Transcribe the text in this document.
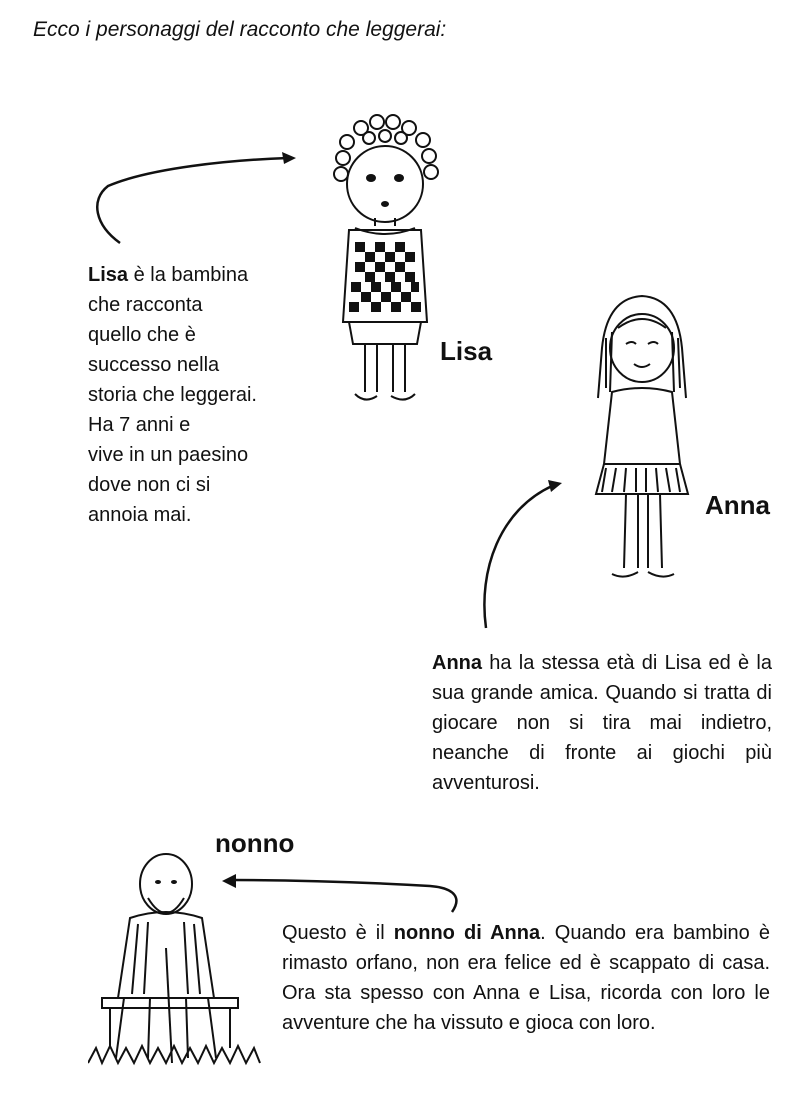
Ecco i personaggi del racconto che leggerai:

Lisa è la bambina
che racconta
quello che è
successo nella
storia che leggerai.
Ha 7 anni e
vive in un paesino
dove non ci si
annoia mai.

Lisa
Anna
nonno

Anna ha la stessa età di Lisa ed è la sua grande amica. Quando si tratta di giocare non si tira mai indietro, neanche di fronte ai giochi più avventurosi.

Questo è il nonno di Anna. Quando era bambino è rimasto orfano, non era felice ed è scappato di casa. Ora sta spesso con Anna e Lisa, ricorda con loro le avventure che ha vissuto e gioca con loro.
